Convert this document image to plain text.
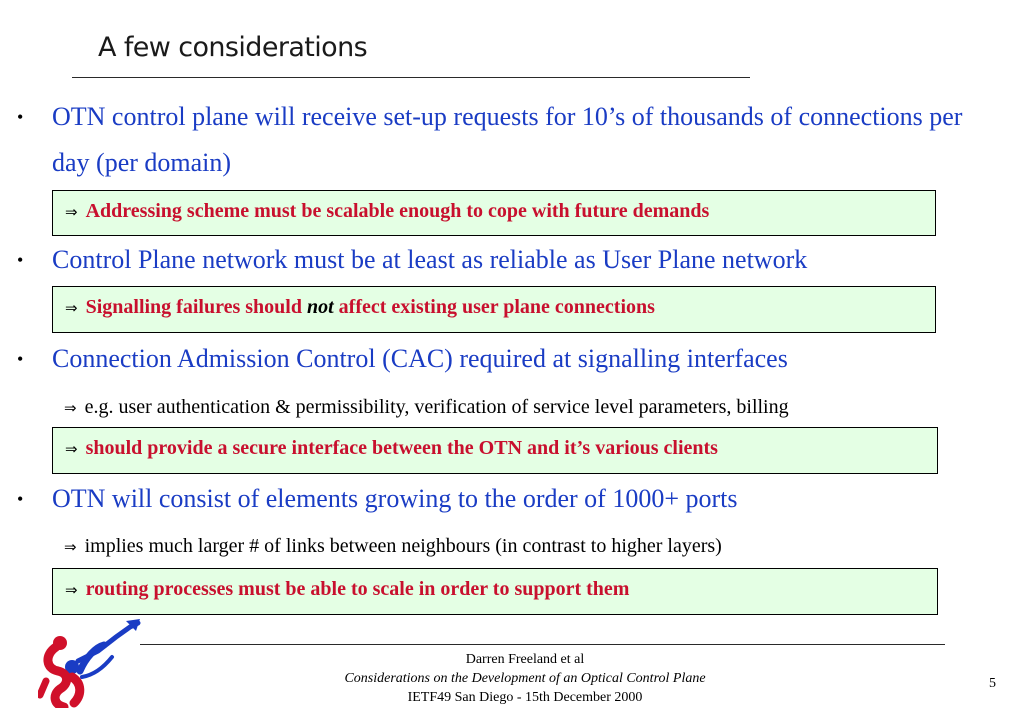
A few considerations
• OTN control plane will receive set-up requests for 10’s of thousands of connections per day (per domain)
⇒ Addressing scheme must be scalable enough to cope with future demands
• Control Plane network must be at least as reliable as User Plane network
⇒ Signalling failures should not affect existing user plane connections
• Connection Admission Control (CAC) required at signalling interfaces
⇒ e.g. user authentication & permissibility, verification of service level parameters, billing
⇒ should provide a secure interface between the OTN and it’s various clients
• OTN will consist of elements growing to the order of 1000+ ports
⇒ implies much larger # of links between neighbours (in contrast to higher layers)
⇒ routing processes must be able to scale in order to support them
Darren Freeland et al
Considerations on the Development of an Optical Control Plane
IETF49 San Diego - 15th December 2000
5
